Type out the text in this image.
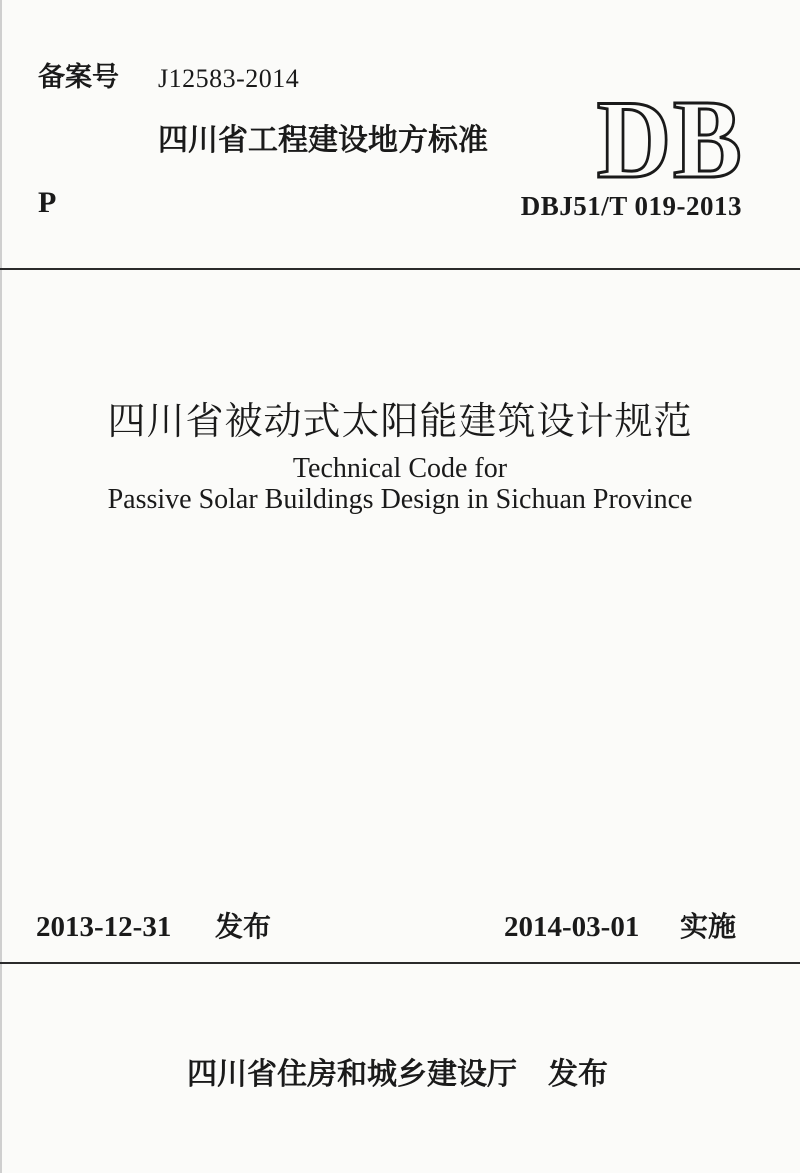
备案号 J12583-2014
四川省工程建设地方标准 DB
P	DBJ51/T 019-2013
四川省被动式太阳能建筑设计规范
Technical Code for
Passive Solar Buildings Design in Sichuan Province
2013-12-31 发布	2014-03-01 实施
四川省住房和城乡建设厅 发布
